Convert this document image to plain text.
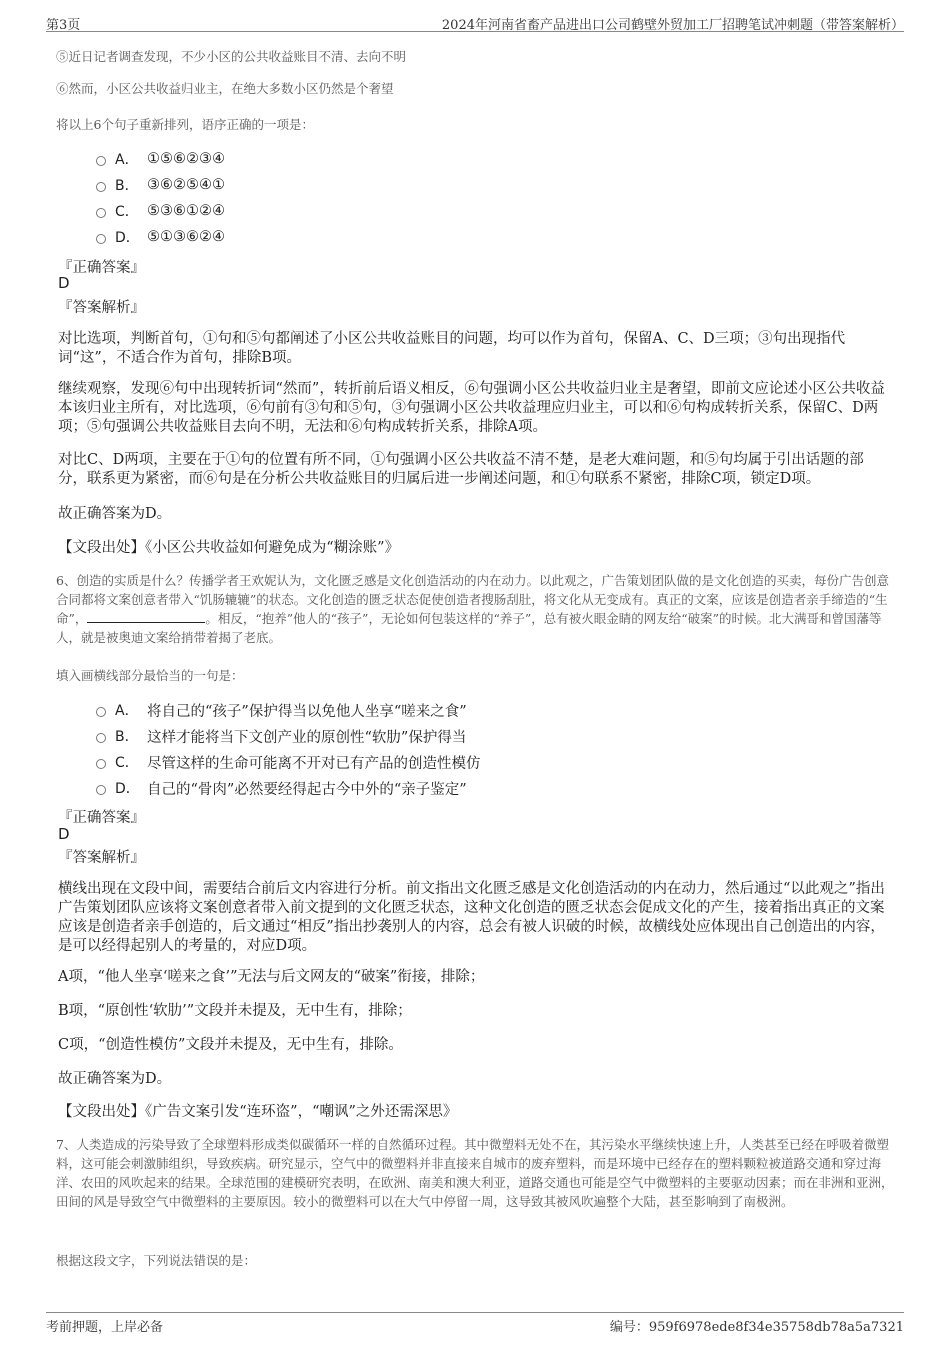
第3页	2024年河南省畜产品进出口公司鹤壁外贸加工厂招聘笔试冲刺题（带答案解析）
⑤近日记者调查发现，不少小区的公共收益账目不清、去向不明
⑥然而，小区公共收益归业主，在绝大多数小区仍然是个奢望
将以上6个句子重新排列，语序正确的一项是：
A． ①⑤⑥②③④
B． ③⑥②⑤④①
C． ⑤③⑥①②④
D． ⑤①③⑥②④
『正确答案』
D
『答案解析』
对比选项，判断首句，①句和⑤句都阐述了小区公共收益账目的问题，均可以作为首句，保留A、C、D三项；③句出现指代词“这”，不适合作为首句，排除B项。
继续观察，发现⑥句中出现转折词“然而”，转折前后语义相反，⑥句强调小区公共收益归业主是奢望，即前文应论述小区公共收益本该归业主所有，对比选项，⑥句前有③句和⑤句，③句强调小区公共收益理应归业主，可以和⑥句构成转折关系，保留C、D两项；⑤句强调公共收益账目去向不明，无法和⑥句构成转折关系，排除A项。
对比C、D两项，主要在于①句的位置有所不同，①句强调小区公共收益不清不楚，是老大难问题，和⑤句均属于引出话题的部分，联系更为紧密，而⑥句是在分析公共收益账目的归属后进一步阐述问题，和①句联系不紧密，排除C项，锁定D项。
故正确答案为D。
【文段出处】《小区公共收益如何避免成为“糊涂账”》
6、创造的实质是什么？传播学者王欢妮认为，文化匮乏感是文化创造活动的内在动力。以此观之，广告策划团队做的是文化创造的买卖，每份广告创意合同都将文案创意者带入“饥肠辘辘”的状态。文化创造的匮乏状态促使创造者搜肠刮肚，将文化从无变成有。真正的文案，应该是创造者亲手缔造的“生命”，	。相反，“抱养”他人的“孩子”，无论如何包装这样的“养子”，总有被火眼金睛的网友给“破案”的时候。北大满哥和曾国藩等人，就是被奥迪文案给捎带着揭了老底。
填入画横线部分最恰当的一句是：
A． 将自己的“孩子”保护得当以免他人坐享“嗟来之食”
B． 这样才能将当下文创产业的原创性“软肋”保护得当
C． 尽管这样的生命可能离不开对已有产品的创造性模仿
D． 自己的“骨肉”必然要经得起古今中外的“亲子鉴定”
『正确答案』
D
『答案解析』
横线出现在文段中间，需要结合前后文内容进行分析。前文指出文化匮乏感是文化创造活动的内在动力，然后通过“以此观之”指出广告策划团队应该将文案创意者带入前文提到的文化匮乏状态，这种文化创造的匮乏状态会促成文化的产生，接着指出真正的文案应该是创造者亲手创造的，后文通过“相反”指出抄袭别人的内容，总会有被人识破的时候，故横线处应体现出自己创造出的内容，是可以经得起别人的考量的，对应D项。
A项，“他人坐享‘嗟来之食’”无法与后文网友的“破案”衔接，排除；
B项，“原创性‘软肋’”文段并未提及，无中生有，排除；
C项，“创造性模仿”文段并未提及，无中生有，排除。
故正确答案为D。
【文段出处】《广告文案引发“连环盗”，“嘲讽”之外还需深思》
7、人类造成的污染导致了全球塑料形成类似碳循环一样的自然循环过程。其中微塑料无处不在，其污染水平继续快速上升，人类甚至已经在呼吸着微塑料，这可能会刺激肺组织，导致疾病。研究显示，空气中的微塑料并非直接来自城市的废弃塑料，而是环境中已经存在的塑料颗粒被道路交通和穿过海洋、农田的风吹起来的结果。全球范围的建模研究表明，在欧洲、南美和澳大利亚，道路交通也可能是空气中微塑料的主要驱动因素；而在非洲和亚洲，田间的风是导致空气中微塑料的主要原因。较小的微塑料可以在大气中停留一周，这导致其被风吹遍整个大陆，甚至影响到了南极洲。
根据这段文字，下列说法错误的是：
考前押题，上岸必备	编号：959f6978ede8f34e35758db78a5a7321
